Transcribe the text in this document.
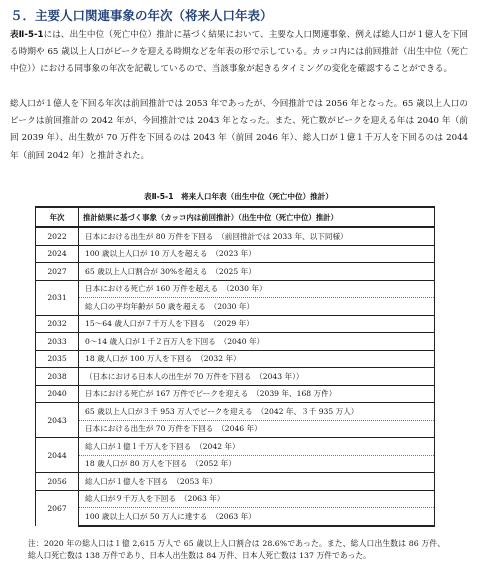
５．主要人口関連事象の年次（将来人口年表）
表Ⅱ-5-1には、出生中位（死亡中位）推計に基づく結果において、主要な人口関連事象、例えば総人口が１億人を下回る時期や 65 歳以上人口がピークを迎える時期などを年表の形で示している。カッコ内には前回推計（出生中位（死亡中位））における同事象の年次を記載しているので、当該事象が起きるタイミングの変化を確認することができる。
総人口が１億人を下回る年次は前回推計では 2053 年であったが、今回推計では 2056 年となった。65 歳以上人口のピークは前回推計の 2042 年が、今回推計では 2043 年となった。また、死亡数がピークを迎える年は 2040 年（前回 2039 年）、出生数が 70 万件を下回るのは 2043 年（前回 2046 年）、総人口が１億１千万人を下回るのは 2044 年（前回 2042 年）と推計された。
表Ⅱ-5-1　将来人口年表（出生中位（死亡中位）推計）
年次	推計結果に基づく事象（カッコ内は前回推計）（出生中位（死亡中位）推計）
2022	日本における出生が 80 万件を下回る　（前回推計では 2033 年、以下同様）
2024	100 歳以上人口が 10 万人を超える　（2023 年）
2027	65 歳以上人口割合が 30%を超える　（2025 年）
2031	日本における死亡が 160 万件を超える　（2030 年）
	総人口の平均年齢が 50 歳を超える　（2030 年）
2032	15～64 歳人口が７千万人を下回る　（2029 年）
2033	0～14 歳人口が１千２百万人を下回る　（2040 年）
2035	18 歳人口が 100 万人を下回る　（2032 年）
2038	（日本における日本人の出生が 70 万件を下回る　（2043 年））
2040	日本における死亡が 167 万件でピークを迎える　（2039 年、168 万件）
2043	65 歳以上人口が３千 953 万人でピークを迎える　（2042 年、３千 935 万人）
	日本における出生が 70 万件を下回る　（2046 年）
2044	総人口が１億１千万人を下回る　（2042 年）
	18 歳人口が 80 万人を下回る　（2052 年）
2056	総人口が１億人を下回る　（2053 年）
2067	総人口が９千万人を下回る　（2063 年）
	100 歳以上人口が 50 万人に達する　（2063 年）
注：2020 年の総人口は１億 2,615 万人で 65 歳以上人口割合は 28.6%であった。また、総人口出生数は 86 万件、総人口死亡数は 138 万件であり、日本人出生数は 84 万件、日本人死亡数は 137 万件であった。
